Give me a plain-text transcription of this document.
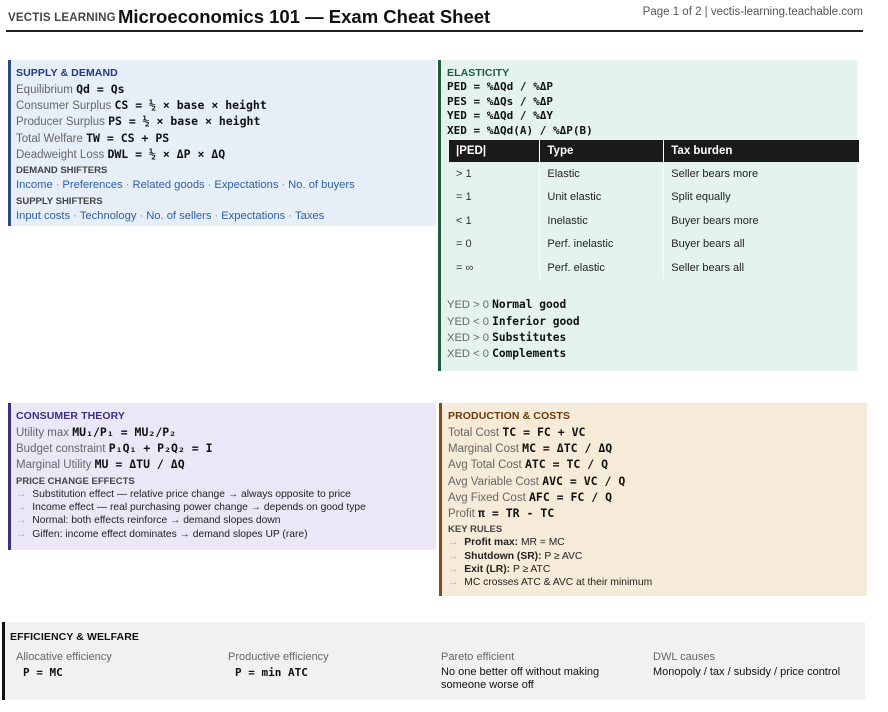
VECTIS LEARNING Microeconomics 101 — Exam Cheat Sheet	Page 1 of 2 | vectis-learning.teachable.com
SUPPLY & DEMAND
Equilibrium Qd = Qs
Consumer Surplus CS = ½ × base × height
Producer Surplus PS = ½ × base × height
Total Welfare TW = CS + PS
Deadweight Loss DWL = ½ × ΔP × ΔQ
DEMAND SHIFTERS
Income · Preferences · Related goods · Expectations · No. of buyers
SUPPLY SHIFTERS
Input costs · Technology · No. of sellers · Expectations · Taxes
ELASTICITY
PED = %ΔQd / %ΔP
PES = %ΔQs / %ΔP
YED = %ΔQd / %ΔY
XED = %ΔQd(A) / %ΔP(B)
|PED|	Type	Tax burden
> 1	Elastic	Seller bears more
= 1	Unit elastic	Split equally
< 1	Inelastic	Buyer bears more
= 0	Perf. inelastic	Buyer bears all
= ∞	Perf. elastic	Seller bears all
YED > 0 Normal good
YED < 0 Inferior good
XED > 0 Substitutes
XED < 0 Complements
CONSUMER THEORY
Utility max MU₁/P₁ = MU₂/P₂
Budget constraint P₁Q₁ + P₂Q₂ = I
Marginal Utility MU = ΔTU / ΔQ
PRICE CHANGE EFFECTS
→ Substitution effect — relative price change → always opposite to price
→ Income effect — real purchasing power change → depends on good type
→ Normal: both effects reinforce → demand slopes down
→ Giffen: income effect dominates → demand slopes UP (rare)
PRODUCTION & COSTS
Total Cost TC = FC + VC
Marginal Cost MC = ΔTC / ΔQ
Avg Total Cost ATC = TC / Q
Avg Variable Cost AVC = VC / Q
Avg Fixed Cost AFC = FC / Q
Profit π = TR - TC
KEY RULES
→ Profit max: MR = MC
→ Shutdown (SR): P ≥ AVC
→ Exit (LR): P ≥ ATC
→ MC crosses ATC & AVC at their minimum
EFFICIENCY & WELFARE
Allocative efficiency
P = MC
Productive efficiency
P = min ATC
Pareto efficient
No one better off without making someone worse off
DWL causes
Monopoly / tax / subsidy / price control
